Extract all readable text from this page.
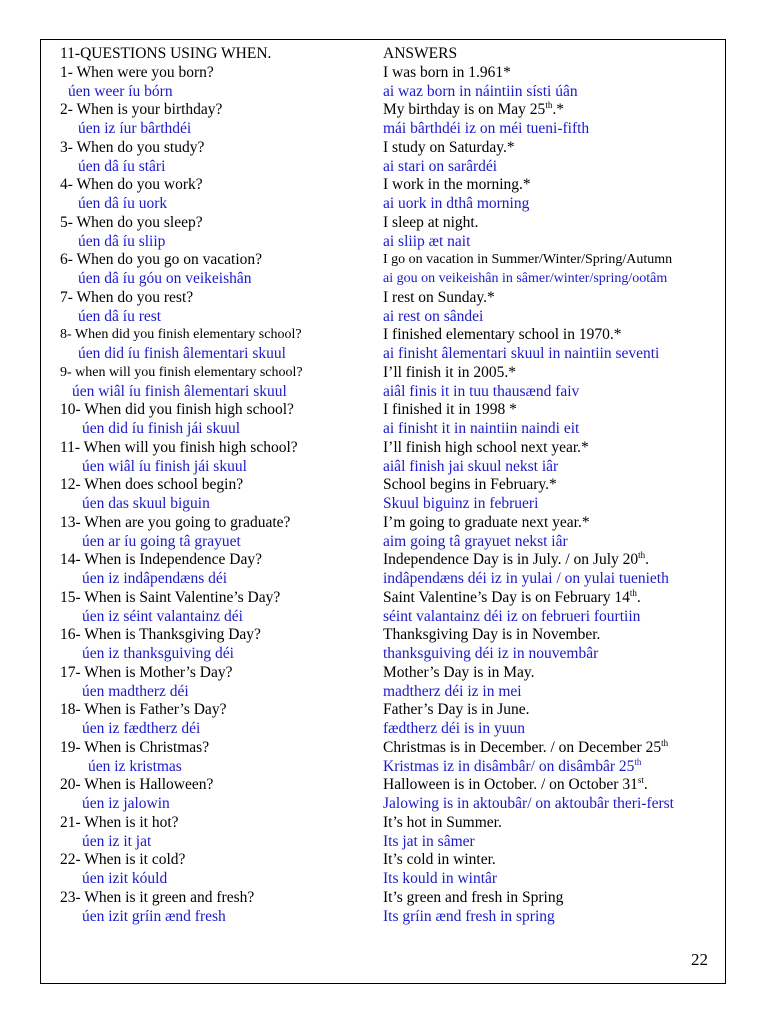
11-QUESTIONS USING WHEN.	ANSWERS
1- When were you born?	I was born in 1.961*
úen weer íu bórn	ai waz born in náintiin sísti úân
2- When is your birthday?	My birthday is on May 25th.*
úen iz íur bârthdéi	mái bârthdéi iz on méi tueni-fifth
3- When do you study?	I study on Saturday.*
úen dâ íu stâri	ai stari on sarârdéi
4- When do you work?	I work in the morning.*
úen dâ íu uork	ai uork in dthâ morning
5- When do you sleep?	I sleep at night.
úen dâ íu sliip	ai sliip æt nait
6- When do you go on vacation?	I go on vacation in Summer/Winter/Spring/Autumn
úen dâ íu góu on veikeishân	ai gou on veikeishân in sâmer/winter/spring/ootâm
7- When do you rest?	I rest on Sunday.*
úen dâ íu rest	ai rest on sândei
8- When did you finish elementary school?	I finished elementary school in 1970.*
úen did íu finish âlementari skuul	ai finisht âlementari skuul in naintiin seventi
9- when will you finish elementary school?	I’ll finish it in 2005.*
úen wiâl íu finish âlementari skuul	aiâl finis it in tuu thausænd faiv
10- When did you finish high school?	I finished it in 1998 *
úen did íu finish jái skuul	ai finisht it in naintiin naindi eit
11- When will you finish high school?	I’ll finish high school next year.*
úen wiâl íu finish jái skuul	aiâl finish jai skuul nekst iâr
12- When does school begin?	School begins in February.*
úen das skuul biguin	Skuul biguinz in februeri
13- When are you going to graduate?	I’m going to graduate next year.*
úen ar íu going tâ grayuet	aim going tâ grayuet nekst iâr
14- When is Independence Day?	Independence Day is in July. / on July 20th.
úen iz indâpendæns déi	indâpendæns déi iz in yulai / on yulai tuenieth
15- When is Saint Valentine’s Day?	Saint Valentine’s Day is on February 14th.
úen iz séint valantainz déi	séint valantainz déi iz on februeri fourtiin
16- When is Thanksgiving Day?	Thanksgiving Day is in November.
úen iz thanksguiving déi	thanksguiving déi iz in nouvembâr
17- When is Mother’s Day?	Mother’s Day is in May.
úen madtherz déi	madtherz déi iz in mei
18- When is Father’s Day?	Father’s Day is in June.
úen iz fædtherz déi	fædtherz déi is in yuun
19- When is Christmas?	Christmas is in December. / on December 25th
úen iz kristmas	Kristmas iz in disâmbâr/ on disâmbâr 25th
20- When is Halloween?	Halloween is in October. / on October 31st.
úen iz jalowin	Jalowing is in aktoubâr/ on aktoubâr theri-ferst
21- When is it hot?	It’s hot in Summer.
úen iz it jat	Its jat in sâmer
22- When is it cold?	It’s cold in winter.
úen izit kóuld	Its kould in wintâr
23- When is it green and fresh?	It’s green and fresh in Spring
úen izit gríin ænd fresh	Its gríin ænd fresh in spring
22
